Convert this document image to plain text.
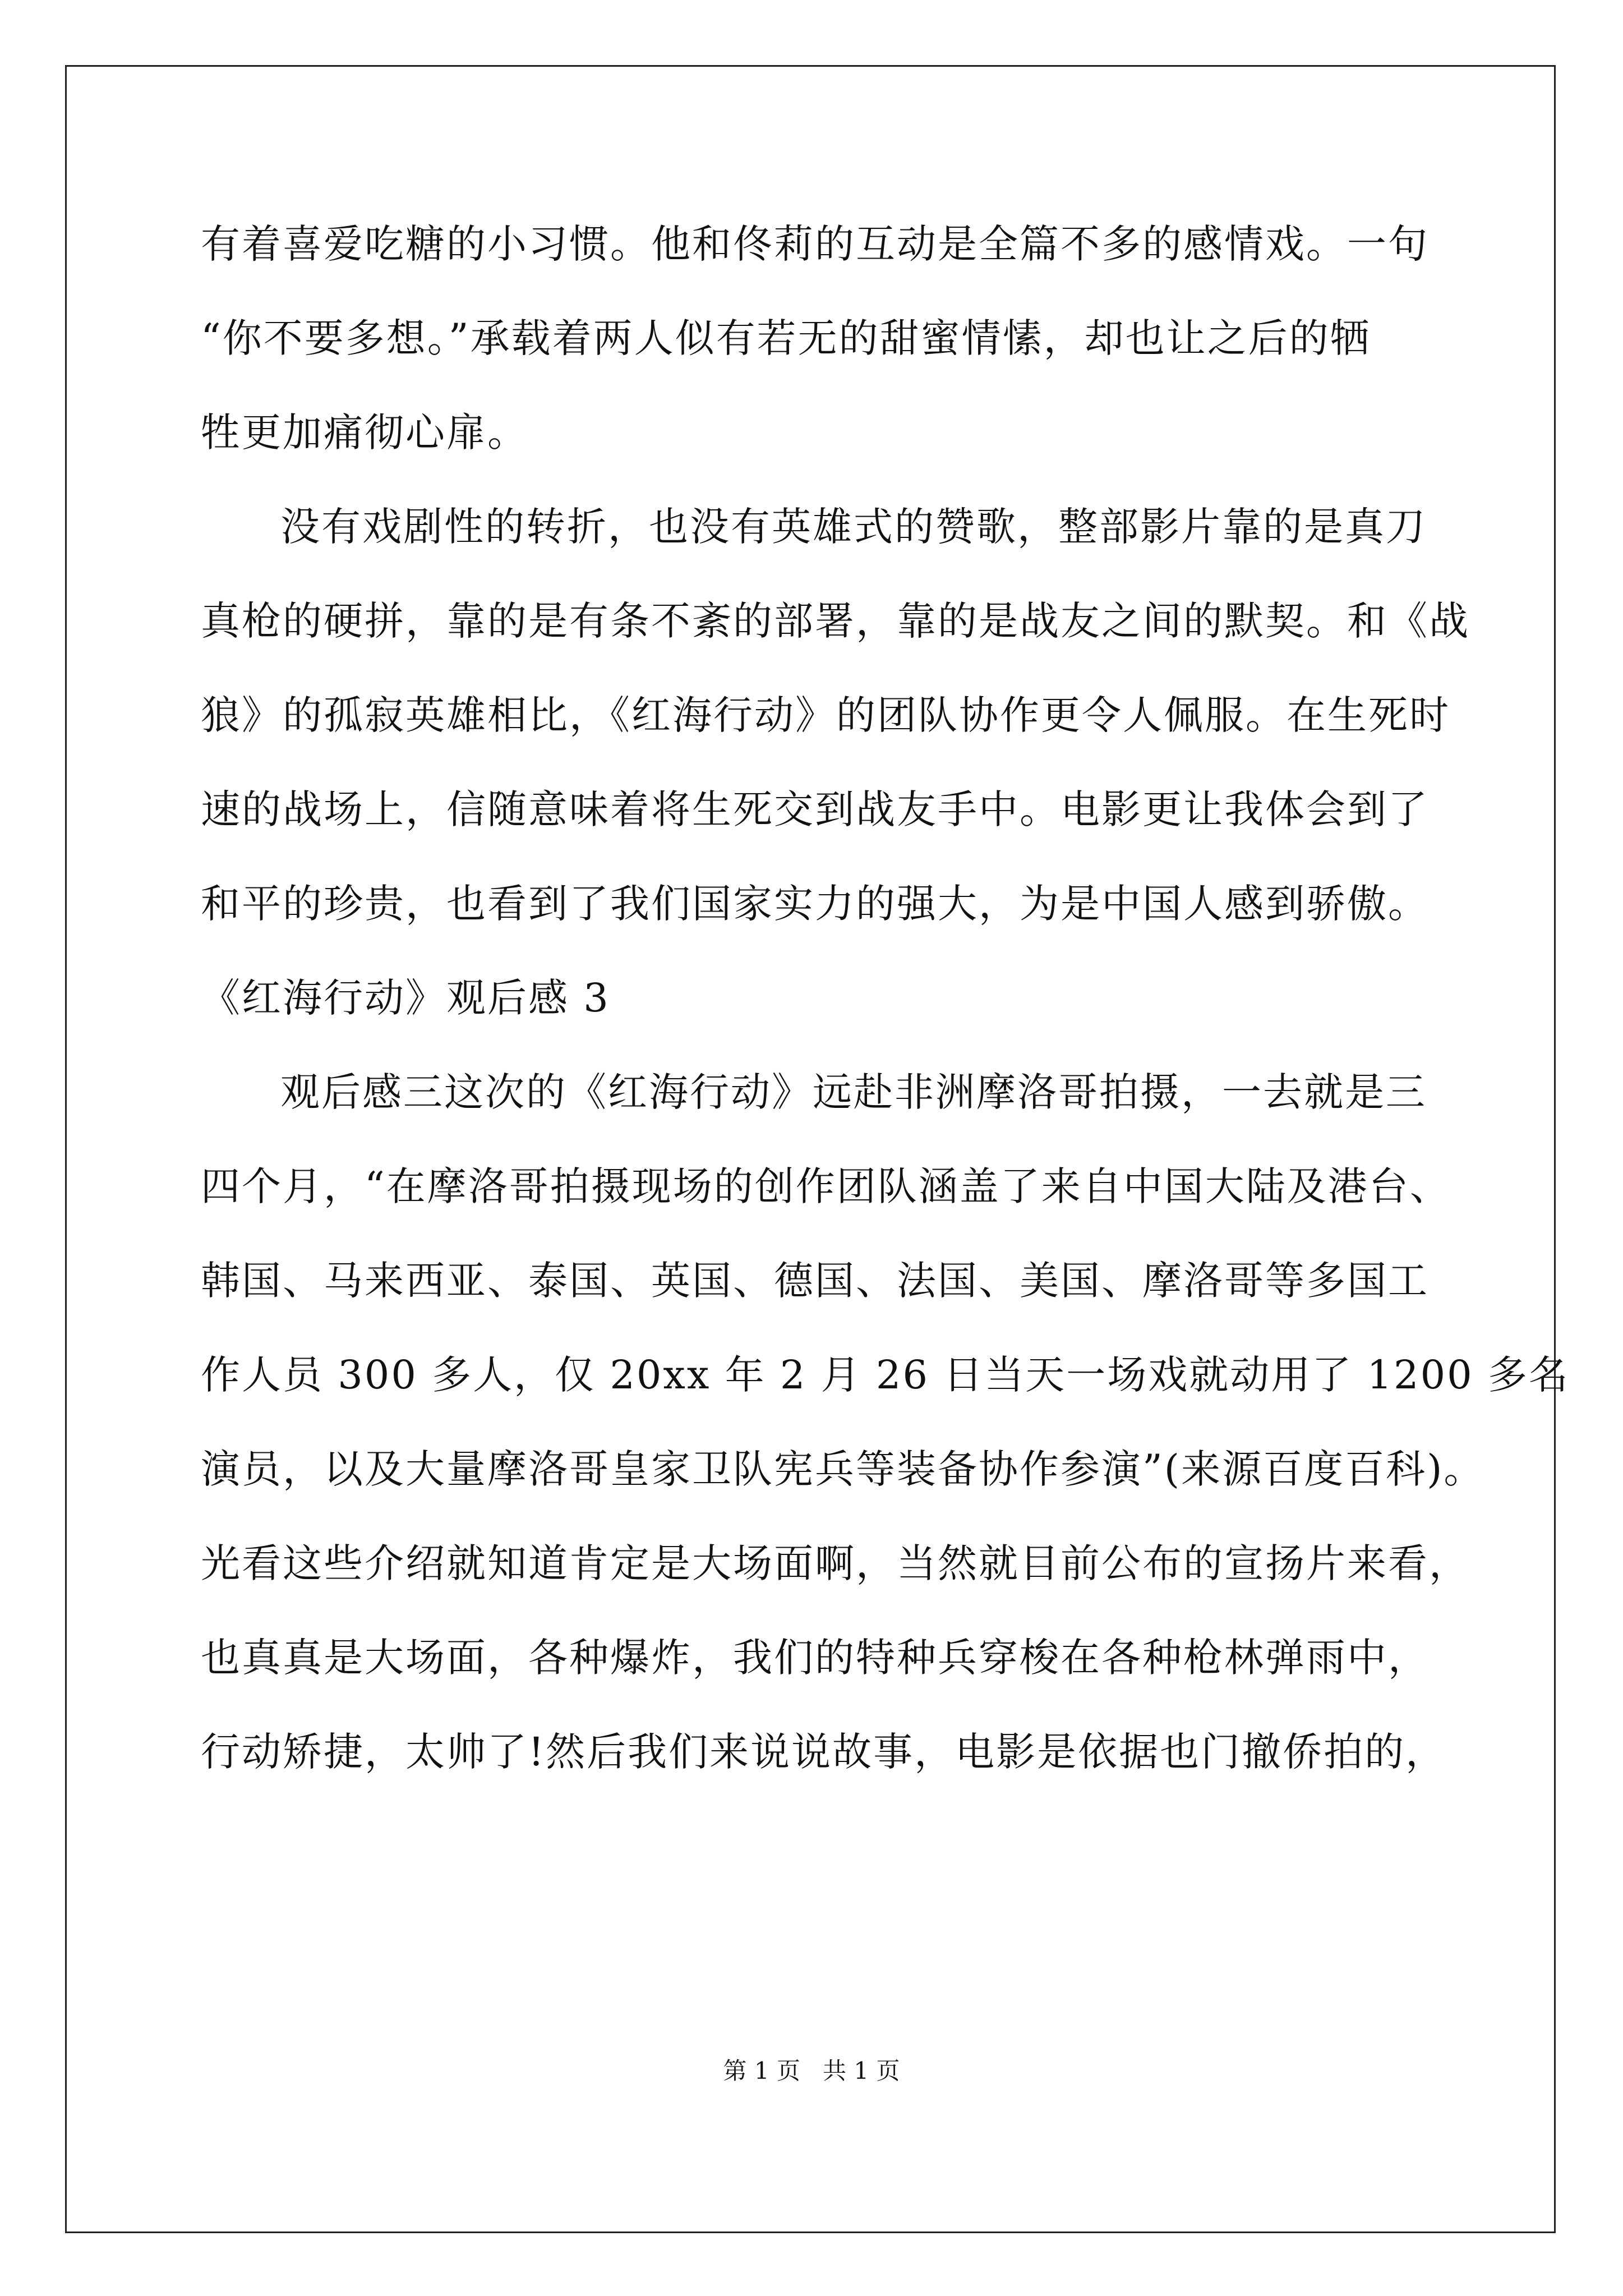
有着喜爱吃糖的小习惯。他和佟莉的互动是全篇不多的感情戏。一句
“你不要多想。”承载着两人似有若无的甜蜜情愫，却也让之后的牺
牲更加痛彻心扉。
没有戏剧性的转折，也没有英雄式的赞歌，整部影片靠的是真刀
真枪的硬拼，靠的是有条不紊的部署，靠的是战友之间的默契。和《战
狼》的孤寂英雄相比，《红海行动》的团队协作更令人佩服。在生死时
速的战场上，信随意味着将生死交到战友手中。电影更让我体会到了
和平的珍贵，也看到了我们国家实力的强大，为是中国人感到骄傲。
《红海行动》观后感 3
观后感三这次的《红海行动》远赴非洲摩洛哥拍摄，一去就是三
四个月，“在摩洛哥拍摄现场的创作团队涵盖了来自中国大陆及港台、
韩国、马来西亚、泰国、英国、德国、法国、美国、摩洛哥等多国工
作人员 300 多人，仅 20xx 年 2 月 26 日当天一场戏就动用了 1200 多名
演员，以及大量摩洛哥皇家卫队宪兵等装备协作参演”(来源百度百科)。
光看这些介绍就知道肯定是大场面啊，当然就目前公布的宣扬片来看，
也真真是大场面，各种爆炸，我们的特种兵穿梭在各种枪林弹雨中，
行动矫捷，太帅了!然后我们来说说故事，电影是依据也门撤侨拍的，
第 1 页   共 1 页
